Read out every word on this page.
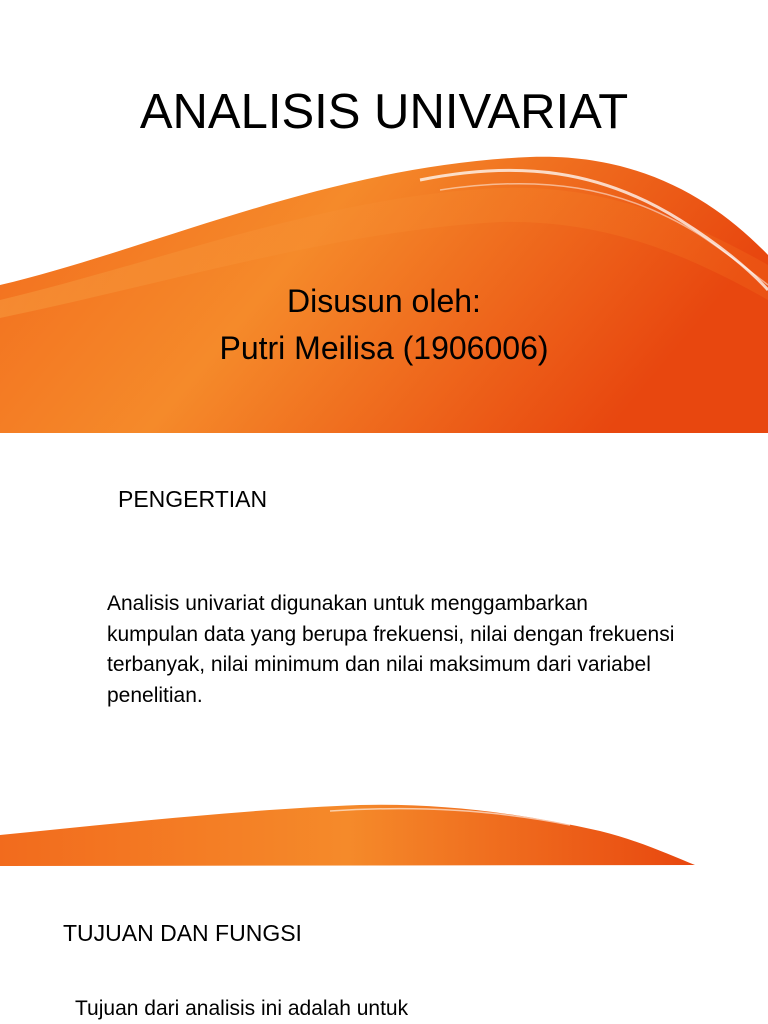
ANALISIS UNIVARIAT
Disusun oleh:
Putri Meilisa (1906006)
PENGERTIAN
Analisis univariat digunakan untuk menggambarkan kumpulan data yang berupa frekuensi, nilai dengan frekuensi terbanyak, nilai minimum dan nilai maksimum dari variabel penelitian.
TUJUAN DAN FUNGSI
Tujuan dari analisis ini adalah untuk
